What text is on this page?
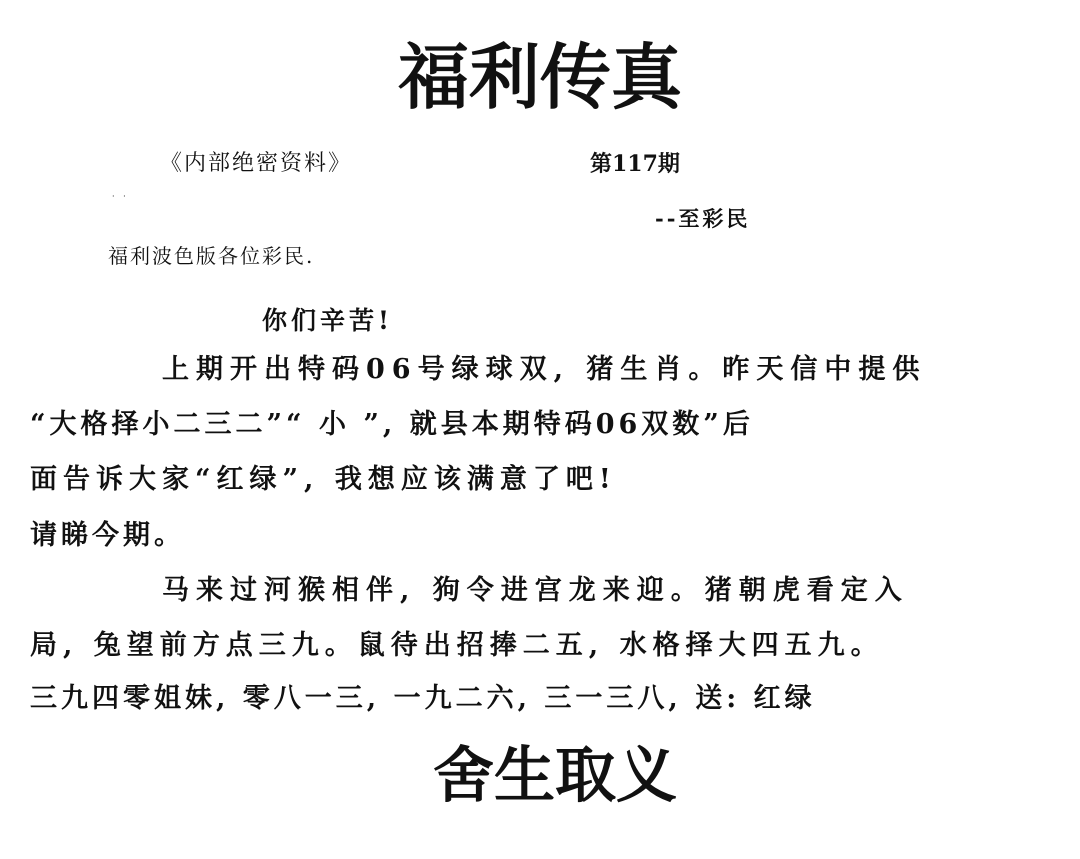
福利传真
《内部绝密资料》	第117期
· ·
--至彩民
福利波色版各位彩民.
你们辛苦!
上期开出特码06号绿球双, 猪生肖。昨天信中提供
“大格择小二三二”“ 小 ”, 就县本期特码06双数”后
面告诉大家“红绿”, 我想应该满意了吧!
请睇今期。
马来过河猴相伴, 狗令进宫龙来迎。猪朝虎看定入
局, 兔望前方点三九。鼠待出招捧二五, 水格择大四五九。
三九四零姐妹, 零八一三, 一九二六, 三一三八, 送: 红绿
舍生取义
